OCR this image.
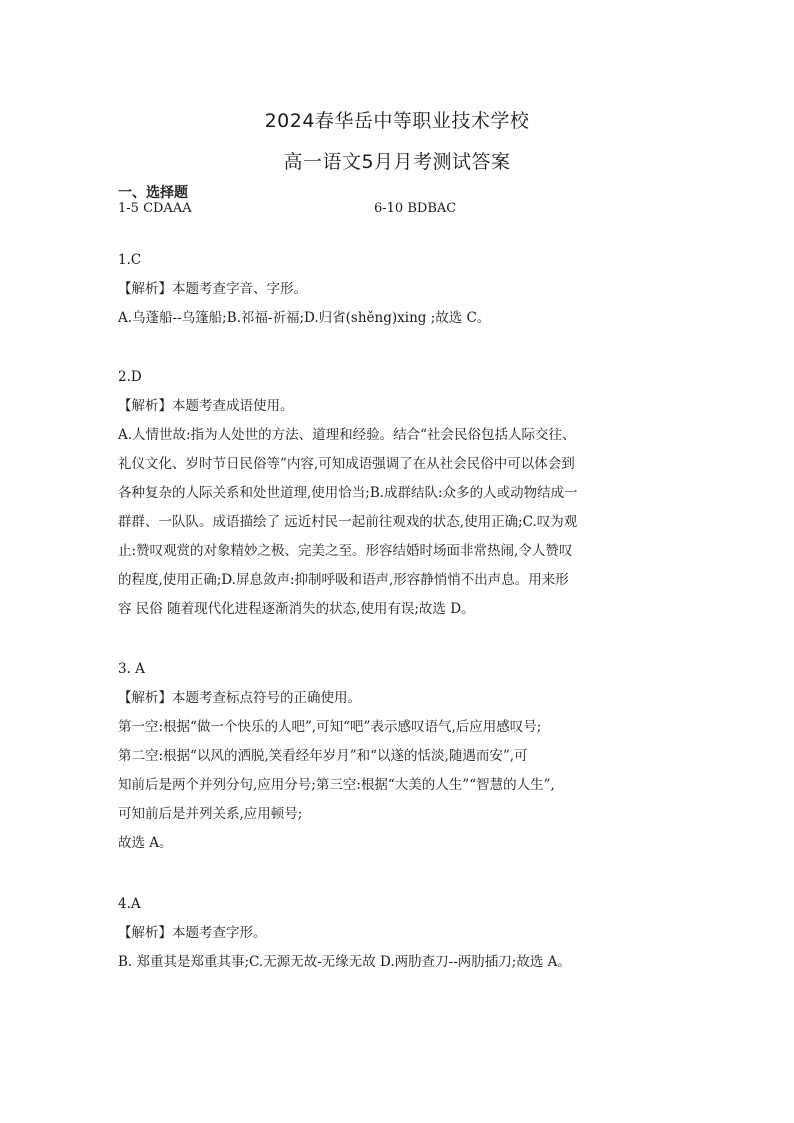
2024春华岳中等职业技术学校
高一语文5月月考测试答案
一、选择题
1-5 CDAAA	6-10 BDBAC
1.C
【解析】本题考查字音、字形。
A.乌蓬船--乌篷船;B.祁福-祈福;D.归省(shěng)xing ;故选 C。
2.D
【解析】本题考查成语使用。
A.人情世故:指为人处世的方法、道理和经验。结合“社会民俗包括人际交往、
礼仪文化、岁时节日民俗等”内容,可知成语强调了在从社会民俗中可以体会到
各种复杂的人际关系和处世道理,使用恰当;B.成群结队:众多的人或动物结成一
群群、一队队。成语描绘了 远近村民一起前往观戏的状态,使用正确;C.叹为观
止:赞叹观赏的对象精妙之极、完美之至。形容结婚时场面非常热闹,令人赞叹
的程度,使用正确;D.屏息敛声:抑制呼吸和语声,形容静悄悄不出声息。用来形
容 民俗 随着现代化进程逐渐消失的状态,使用有误;故选 D。
3. A
【解析】本题考查标点符号的正确使用。
第一空:根据“做一个快乐的人吧”,可知“吧”表示感叹语气,后应用感叹号;
第二空:根据“以风的洒脱,笑看经年岁月”和“以遂的恬淡,随遇而安”,可
知前后是两个并列分句,应用分号;第三空:根据“大美的人生”“智慧的人生”,
可知前后是并列关系,应用顿号;
故选 A。
4.A
【解析】本题考查字形。
B. 郑重其是郑重其事;C.无源无故-无缘无故 D.两肋查刀--两肋插刀;故选 A。
